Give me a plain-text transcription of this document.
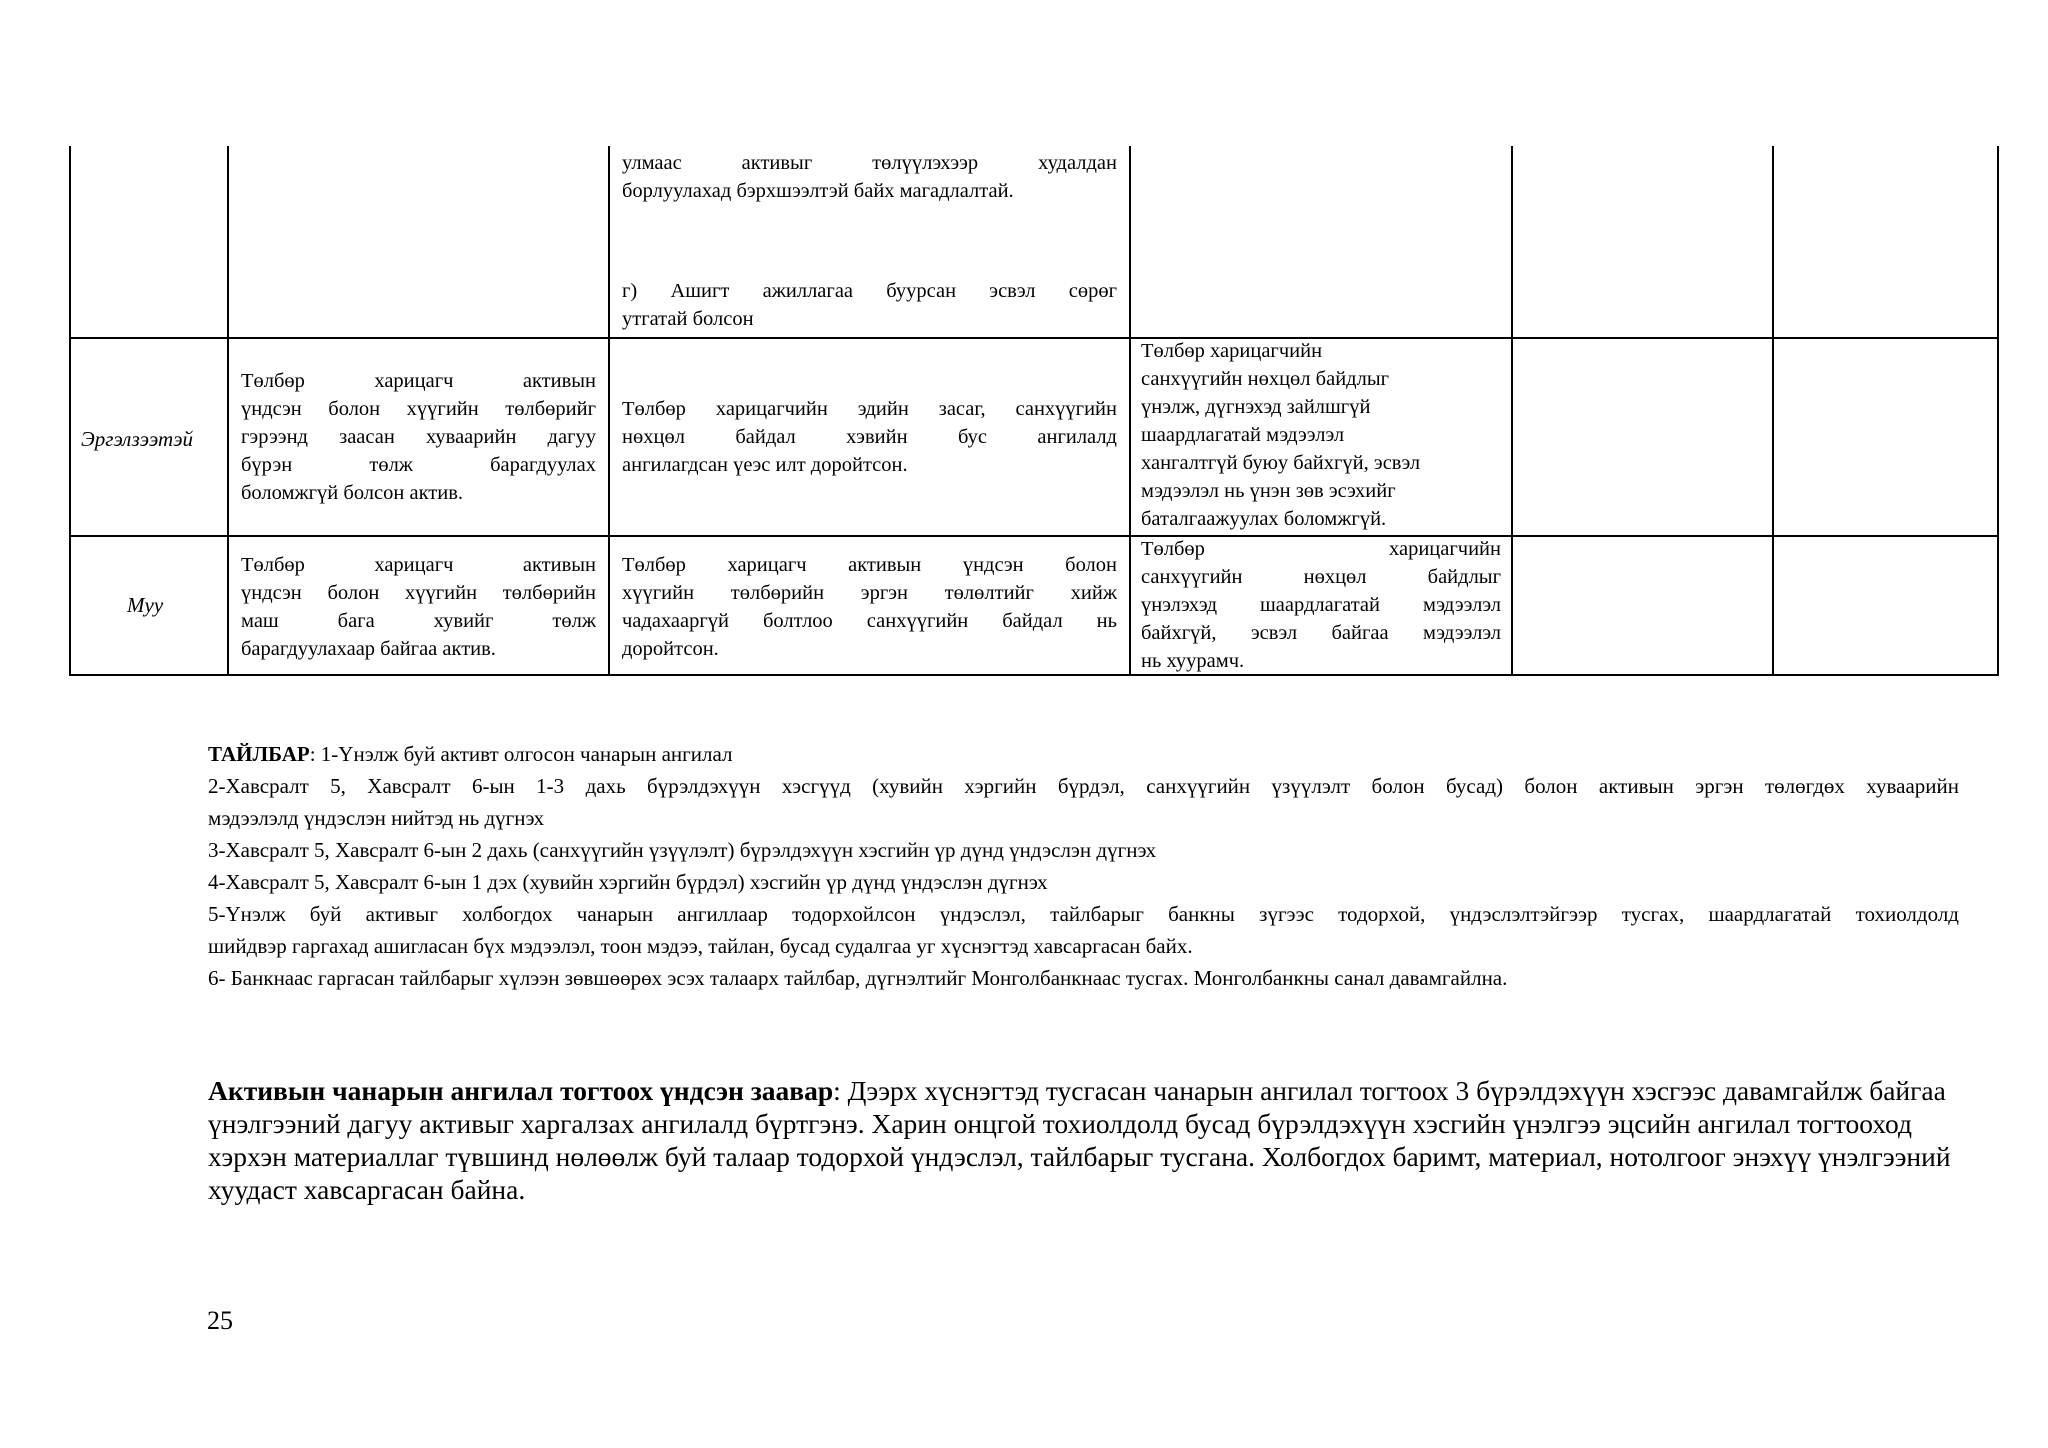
улмаас активыг төлүүлэхээр худалдан
борлуулахад бэрхшээлтэй байх магадлалтай.
г) Ашигт ажиллагаа буурсан эсвэл сөрөг
утгатай болсон
Эргэлзээтэй
Төлбөр харицагч активын
үндсэн болон хүүгийн төлбөрийг
гэрээнд заасан хуваарийн дагуу
бүрэн төлж барагдуулах
боломжгүй болсон актив.
Төлбөр харицагчийн эдийн засаг, санхүүгийн
нөхцөл байдал хэвийн бус ангилалд
ангилагдсан үеэс илт доройтсон.
Төлбөр харицагчийн
санхүүгийн нөхцөл байдлыг
үнэлж, дүгнэхэд зайлшгүй
шаардлагатай мэдээлэл
хангалтгүй буюу байхгүй, эсвэл
мэдээлэл нь үнэн зөв эсэхийг
баталгаажуулах боломжгүй.
Муу
Төлбөр харицагч активын
үндсэн болон хүүгийн төлбөрийн
маш бага хувийг төлж
барагдуулахаар байгаа актив.
Төлбөр харицагч активын үндсэн болон
хүүгийн төлбөрийн эргэн төлөлтийг хийж
чадахааргүй болтлоо санхүүгийн байдал нь
доройтсон.
Төлбөр харицагчийн
санхүүгийн нөхцөл байдлыг
үнэлэхэд шаардлагатай мэдээлэл
байхгүй, эсвэл байгаа мэдээлэл
нь хуурамч.
ТАЙЛБАР: 1-Үнэлж буй активт олгосон чанарын ангилал
2-Хавсралт 5, Хавсралт 6-ын 1-3 дахь бүрэлдэхүүн хэсгүүд (хувийн хэргийн бүрдэл, санхүүгийн үзүүлэлт болон бусад) болон активын эргэн төлөгдөх хуваарийн
мэдээлэлд үндэслэн нийтэд нь дүгнэх
3-Хавсралт 5, Хавсралт 6-ын 2 дахь (санхүүгийн үзүүлэлт) бүрэлдэхүүн хэсгийн үр дүнд үндэслэн дүгнэх
4-Хавсралт 5, Хавсралт 6-ын 1 дэх (хувийн хэргийн бүрдэл) хэсгийн үр дүнд үндэслэн дүгнэх
5-Үнэлж буй активыг холбогдох чанарын ангиллаар тодорхойлсон үндэслэл, тайлбарыг банкны зүгээс тодорхой, үндэслэлтэйгээр тусгах, шаардлагатай тохиолдолд
шийдвэр гаргахад ашигласан бүх мэдээлэл, тоон мэдээ, тайлан, бусад судалгаа уг хүснэгтэд хавсаргасан байх.
6- Банкнаас гаргасан тайлбарыг хүлээн зөвшөөрөх эсэх талаарх тайлбар, дүгнэлтийг Монголбанкнаас тусгах. Монголбанкны санал давамгайлна.
Активын чанарын ангилал тогтоох үндсэн заавар: Дээрх хүснэгтэд тусгасан чанарын ангилал тогтоох 3 бүрэлдэхүүн хэсгээс давамгайлж байгаа үнэлгээний дагуу активыг харгалзах ангилалд бүртгэнэ. Харин онцгой тохиолдолд бусад бүрэлдэхүүн хэсгийн үнэлгээ эцсийн ангилал тогтооход хэрхэн материаллаг түвшинд нөлөөлж буй талаар тодорхой үндэслэл, тайлбарыг тусгана. Холбогдох баримт, материал, нотолгоог энэхүү үнэлгээний хуудаст хавсаргасан байна.
25
